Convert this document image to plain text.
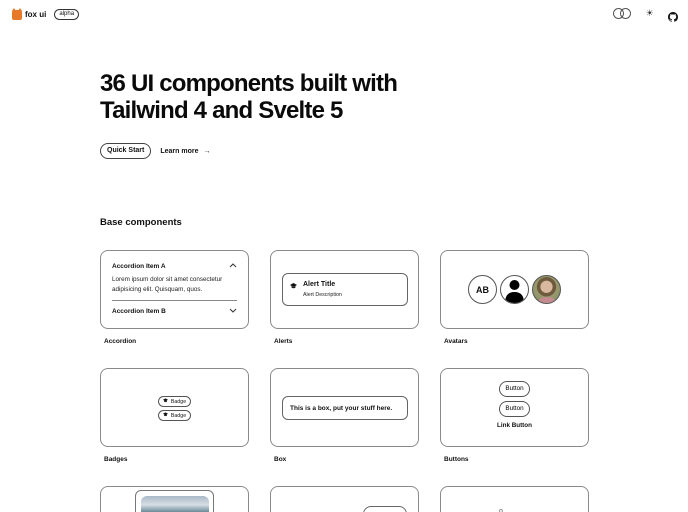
fox ui	alpha	☀
36 UI components built with
Tailwind 4 and Svelte 5
Quick Start	Learn more →
Base components
Accordion Item A
Lorem ipsum dolor sit amet consectetur adipisicing elit. Quisquam, quos.
Accordion Item B
Accordion
Alert Title
Alert Description
Alerts
AB
Avatars
Badge
Badge
Badges
This is a box, put your stuff here.
Box
Button
Button
Link Button
Buttons
